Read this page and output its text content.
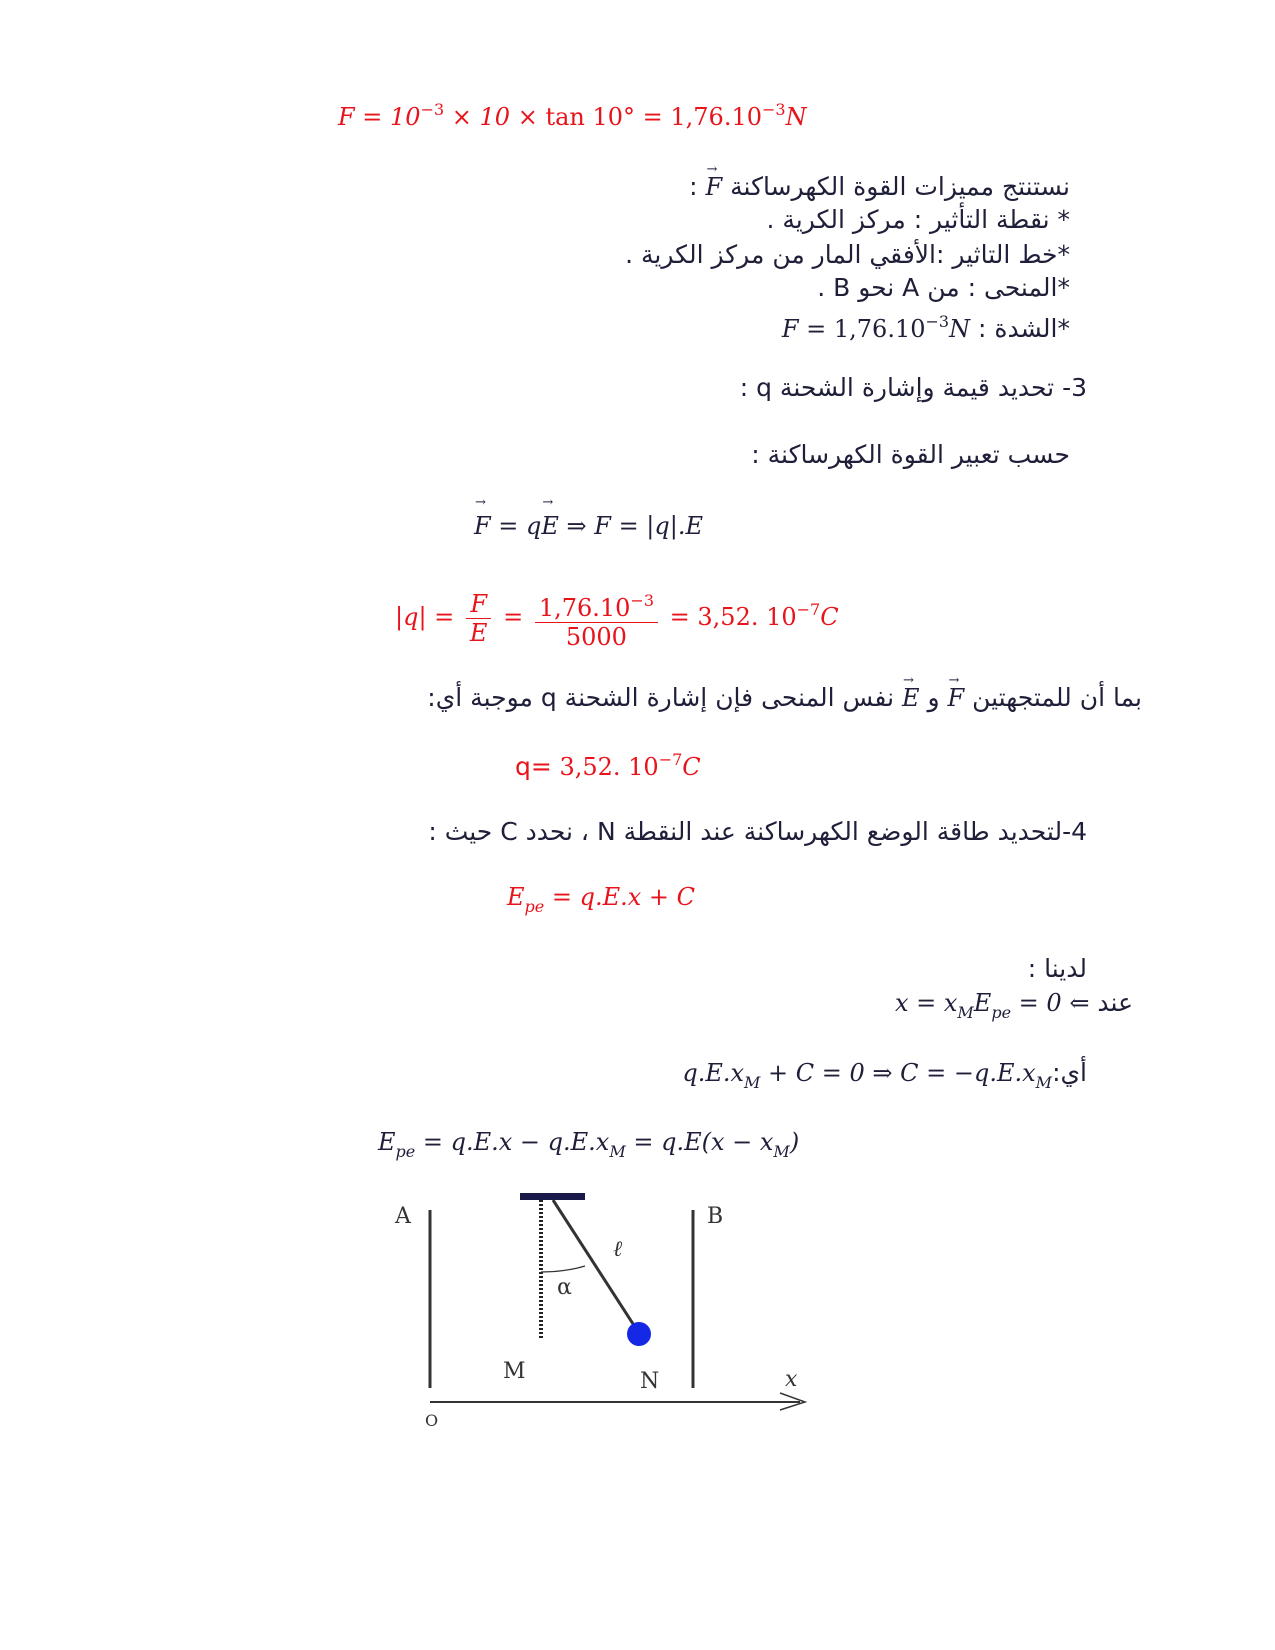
$F = 10^{-3} \times 10 \times \tan 10^\circ = 1,76.10^{-3}N$
نستنتج مميزات القوة الكهرساكنة → F :
* نقطة التأثير : مركز الكرية .
*خط التاثير :الأفقي المار من مركز الكرية .
*المنحى : من A نحو B .
*الشدة : $F = 1,76.10^{-3}N$
3- تحديد قيمة وإشارة الشحنة q :
حسب تعبير القوة الكهرساكنة :
→ F = q→ E ⇒ F = |q|.E
$|q| = \frac{F}{E} = \frac{1,76.10^{-3}}{5000} = 3,52$. $10^{-7}C$
بما أن للمتجهتين → F و → E نفس المنحى فإن إشارة الشحنة q موجبة أي:
q= 3,52. $10^{-7}C$
4-لتحديد طاقة الوضع الكهرساكنة عند النقطة N ، نحدد C حيث :
$E_{pe} = q.E.x + C$
لدينا :
عند ⇐ $0 = x = x_ME_{pe}$
$أي:q.E.x_M + C = 0$ ⇒ $C = -q.E.x_M$
$E_{pe} = q.E.x - q.E.x_M = q.E(x - x_M)$
A	B
M	N	x
O
ℓ
α
